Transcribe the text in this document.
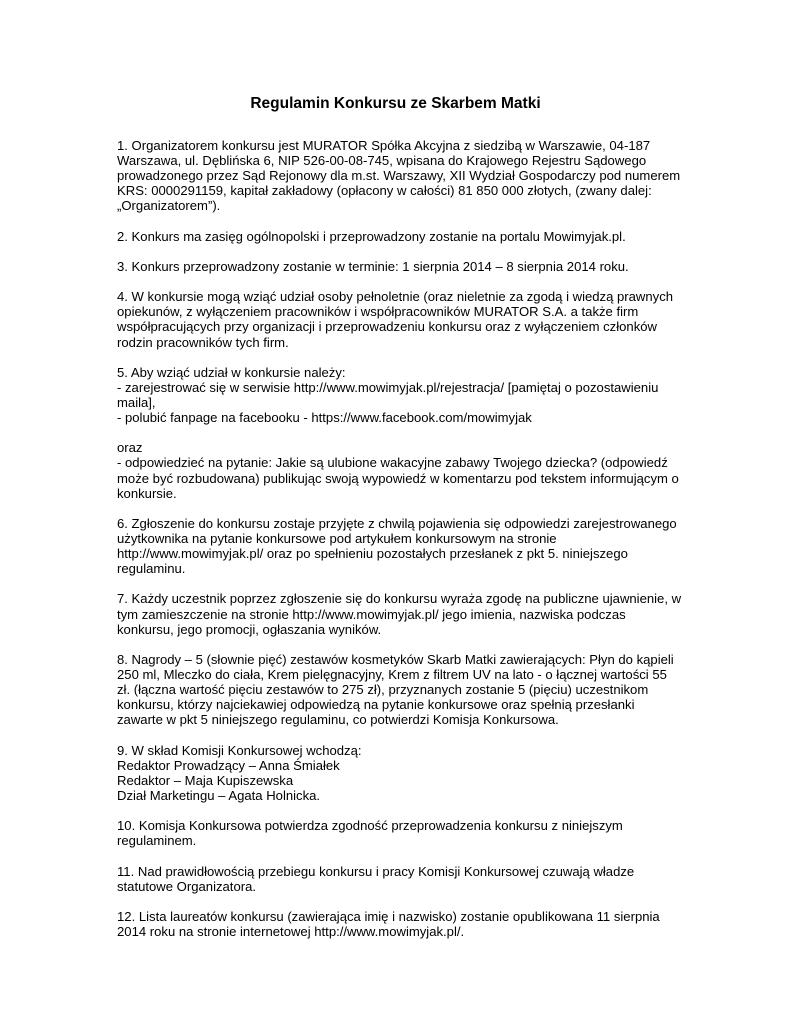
Regulamin Konkursu ze Skarbem Matki
1. Organizatorem konkursu jest MURATOR Spółka Akcyjna z siedzibą w Warszawie, 04-187
Warszawa, ul. Dęblińska 6, NIP 526-00-08-745, wpisana do Krajowego Rejestru Sądowego
prowadzonego przez Sąd Rejonowy dla m.st. Warszawy, XII Wydział Gospodarczy pod numerem
KRS: 0000291159, kapitał zakładowy (opłacony w całości) 81 850 000 złotych, (zwany dalej:
„Organizatorem”).
2. Konkurs ma zasięg ogólnopolski i przeprowadzony zostanie na portalu Mowimyjak.pl.
3. Konkurs przeprowadzony zostanie w terminie: 1 sierpnia 2014 – 8 sierpnia 2014 roku.
4. W konkursie mogą wziąć udział osoby pełnoletnie (oraz nieletnie za zgodą i wiedzą prawnych
opiekunów, z wyłączeniem pracowników i współpracowników MURATOR S.A. a także firm
współpracujących przy organizacji i przeprowadzeniu konkursu oraz z wyłączeniem członków
rodzin pracowników tych firm.
5. Aby wziąć udział w konkursie należy:
- zarejestrować się w serwisie http://www.mowimyjak.pl/rejestracja/ [pamiętaj o pozostawieniu
maila],
- polubić fanpage na facebooku - https://www.facebook.com/mowimyjak
oraz
- odpowiedzieć na pytanie: Jakie są ulubione wakacyjne zabawy Twojego dziecka? (odpowiedź
może być rozbudowana) publikując swoją wypowiedź w komentarzu pod tekstem informującym o
konkursie.
6. Zgłoszenie do konkursu zostaje przyjęte z chwilą pojawienia się odpowiedzi zarejestrowanego
użytkownika na pytanie konkursowe pod artykułem konkursowym na stronie
http://www.mowimyjak.pl/ oraz po spełnieniu pozostałych przesłanek z pkt 5. niniejszego
regulaminu.
7. Każdy uczestnik poprzez zgłoszenie się do konkursu wyraża zgodę na publiczne ujawnienie, w
tym zamieszczenie na stronie http://www.mowimyjak.pl/ jego imienia, nazwiska podczas
konkursu, jego promocji, ogłaszania wyników.
8. Nagrody – 5 (słownie pięć) zestawów kosmetyków Skarb Matki zawierających: Płyn do kąpieli
250 ml, Mleczko do ciała, Krem pielęgnacyjny, Krem z filtrem UV na lato - o łącznej wartości 55
zł. (łączna wartość pięciu zestawów to 275 zł), przyznanych zostanie 5 (pięciu) uczestnikom
konkursu, którzy najciekawiej odpowiedzą na pytanie konkursowe oraz spełnią przesłanki
zawarte w pkt 5 niniejszego regulaminu, co potwierdzi Komisja Konkursowa.
9. W skład Komisji Konkursowej wchodzą:
Redaktor Prowadzący – Anna Śmiałek
Redaktor – Maja Kupiszewska
Dział Marketingu – Agata Holnicka.
10. Komisja Konkursowa potwierdza zgodność przeprowadzenia konkursu z niniejszym
regulaminem.
11. Nad prawidłowością przebiegu konkursu i pracy Komisji Konkursowej czuwają władze
statutowe Organizatora.
12. Lista laureatów konkursu (zawierająca imię i nazwisko) zostanie opublikowana 11 sierpnia
2014 roku na stronie internetowej http://www.mowimyjak.pl/.
